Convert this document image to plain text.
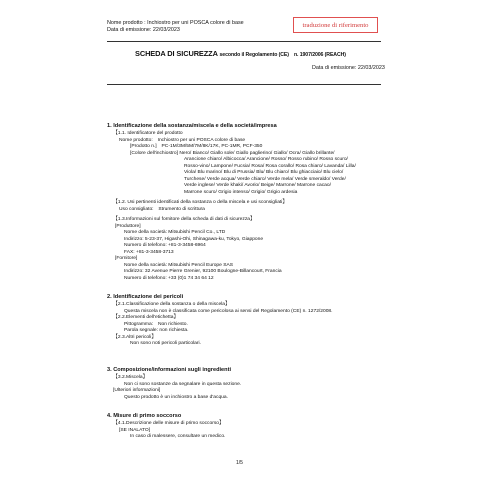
Nome prodotto : Inchiostro per uni POSCA colore di base
Data di emissione: 22/03/2023
traduzione di riferimento
SCHEDA DI SICUREZZA secondo il Regolamento (CE)　n. 1907/2006 (REACH)
Data di emissione: 22/03/2023
1. Identificazione della sostanza/miscela e della società/impresa
【1.1. Identificatore del prodotto
Nome prodotto:　Inchiostro per uni POSCA colore di base
[Prodotto n.]　PC-1M/3M/5M/7M/8K/17K, PC-1MR, PCF-350
[Colore dell'inchiostro] Nero/ Bianco/ Giallo sole/ Giallo paglierino/ Giallo/ Ocra/ Giallo brillante/
Arancione chiaro/ Albicocca/ Arancione/ Rosso/ Rosso rubino/ Rosso scuro/
Rosso-vino/ Lampone/ Fucsia/ Rosa/ Rosa corallo/ Rosa chiaro/ Lavanda/ Lilla/
Viola/ Blu marino/ Blu di Prussia/ Blu/ Blu chiaro/ Blu ghiacciaio/ Blu cielo/
Turchese/ Verde acqua/ Verde chiaro/ Verde mela/ Verde smeraldo/ Verde/
Verde inglese/ Verde khaki/ Avorio/ Beige/ Marrone/ Marrone cacao/
Marrone scuro/ Grigio intenso/ Grigio/ Grigio ardesia
【1.2. Usi pertinenti identificati della sostanza o della miscela e usi sconsigliati】
Uso consigliato:　Strumento di scrittura
【1.3.Informazioni sul fornitore della scheda di dati di sicurezza】
[Produttore]
Nome della società: Mitsubishi Pencil Co., LTD
Indirizzo: 5-23-37, Higashi-Ohi, Shinagawa-ku, Tokyo, Giappone
Numero di telefono: +81-3-3458-6964
FAX: +81-3-3458-3713
[Fornitore]
Nome della società: Mitsubishi Pencil Europe SAS
Indirizzo: 32 Avenue Pierre Grenier, 92100 Boulogne-Billancourt, Francia
Numero di telefono: +33 (0)1 74 34 64 12
2. Identificazione dei pericoli
【2.1.Classificazione della sostanza o della miscela】
Questa miscela non è classificata come pericolosa ai sensi del Regolamento (CE) n. 1272/2008.
【2.2.Elementi dell'etichetta】
Pittogramma:　Non richiesto.
Parola segnale: non richiesta.
【2.3.Altri pericoli】
Non sono noti pericoli particolari.
3. Composizione/informazioni sugli ingredienti
【3.2.Miscela】
Non ci sono sostanze da segnalare in questa sezione.
[Ulteriori informazioni]
Questo prodotto è un inchiostro a base d'acqua.
4. Misure di primo soccorso
【4.1.Descrizione delle misure di primo soccorso】
[SE INALATO]
In caso di malessere, consultare un medico.
1/5
